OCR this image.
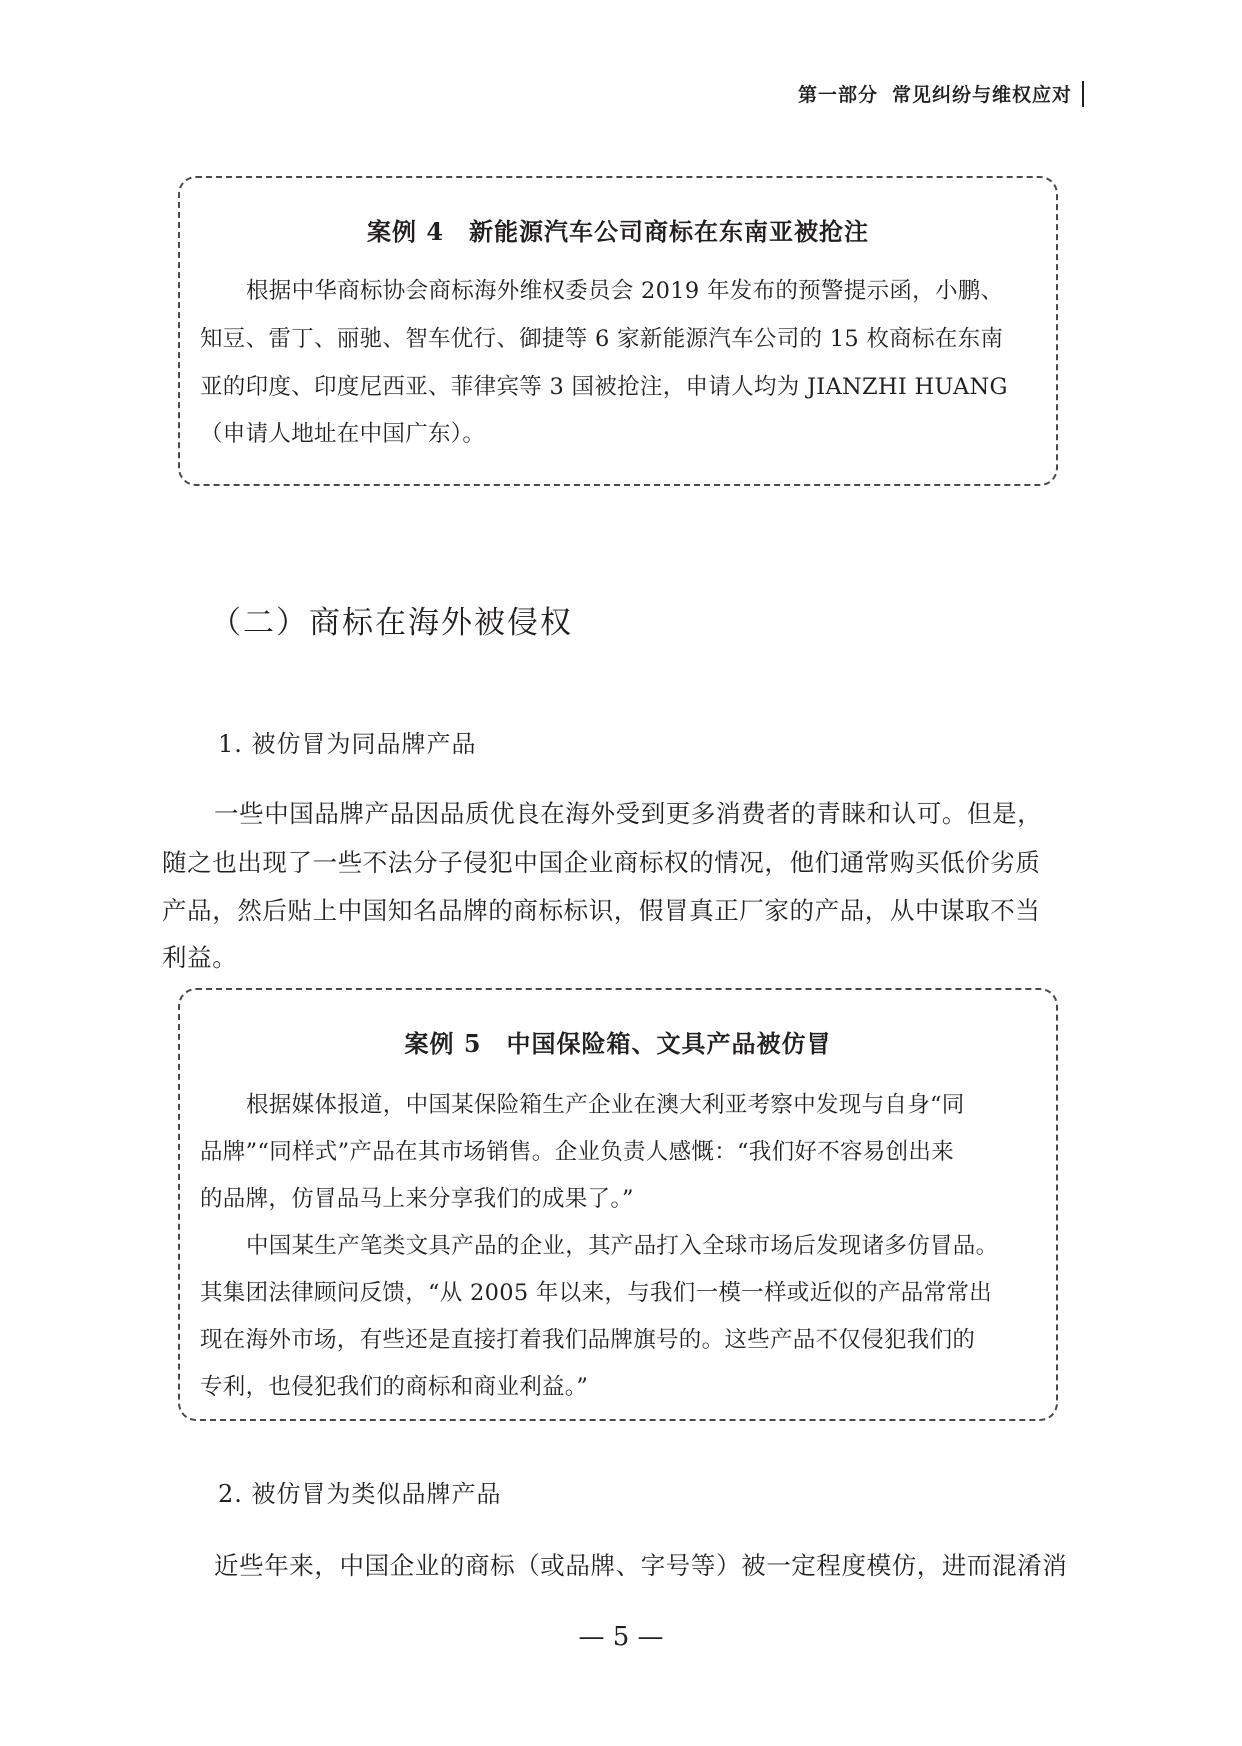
第一部分 常见纠纷与维权应对
案例 4　新能源汽车公司商标在东南亚被抢注
根据中华商标协会商标海外维权委员会 2019 年发布的预警提示函，小鹏、
知豆、雷丁、丽驰、智车优行、御捷等 6 家新能源汽车公司的 15 枚商标在东南
亚的印度、印度尼西亚、菲律宾等 3 国被抢注，申请人均为 JIANZHI HUANG
（申请人地址在中国广东）。
（二）商标在海外被侵权
1. 被仿冒为同品牌产品
一些中国品牌产品因品质优良在海外受到更多消费者的青睐和认可。但是，
随之也出现了一些不法分子侵犯中国企业商标权的情况，他们通常购买低价劣质
产品，然后贴上中国知名品牌的商标标识，假冒真正厂家的产品，从中谋取不当
利益。
案例 5　中国保险箱、文具产品被仿冒
根据媒体报道，中国某保险箱生产企业在澳大利亚考察中发现与自身“同
品牌”“同样式”产品在其市场销售。企业负责人感慨：“我们好不容易创出来
的品牌，仿冒品马上来分享我们的成果了。”
中国某生产笔类文具产品的企业，其产品打入全球市场后发现诸多仿冒品。
其集团法律顾问反馈，“从 2005 年以来，与我们一模一样或近似的产品常常出
现在海外市场，有些还是直接打着我们品牌旗号的。这些产品不仅侵犯我们的
专利，也侵犯我们的商标和商业利益。”
2. 被仿冒为类似品牌产品
近些年来，中国企业的商标（或品牌、字号等）被一定程度模仿，进而混淆消
— 5 —
